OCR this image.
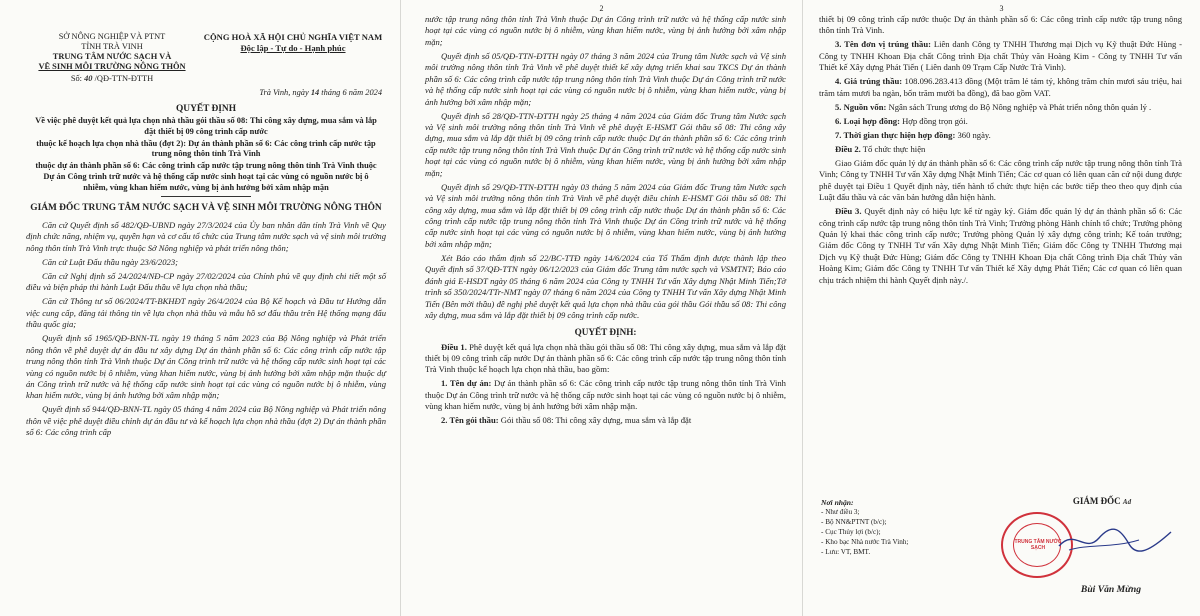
SỞ NÔNG NGHIỆP VÀ PTNT
TỈNH TRÀ VINH
TRUNG TÂM NƯỚC SẠCH VÀ
VỆ SINH MÔI TRƯỜNG NÔNG THÔN
Số: 40 /QĐ-TTN-ĐTTH
CỘNG HOÀ XÃ HỘI CHỦ NGHĨA VIỆT NAM
Độc lập - Tự do - Hạnh phúc
Trà Vinh, ngày 14 tháng 6 năm 2024
QUYẾT ĐỊNH
Về việc phê duyệt kết quả lựa chọn nhà thầu gói thầu số 08: Thi công xây dựng, mua sắm và lắp đặt thiết bị 09 công trình cấp nước
thuộc kế hoạch lựa chọn nhà thầu (đợt 2): Dự án thành phần số 6: Các công trình cấp nước tập trung nông thôn tỉnh Trà Vinh
thuộc dự án thành phần số 6: Các công trình cấp nước tập trung nông thôn tỉnh Trà Vinh thuộc Dự án Công trình trữ nước và hệ thống cấp nước sinh hoạt tại các vùng có nguồn nước bị ô nhiễm, vùng khan hiếm nước, vùng bị ảnh hưởng bởi xâm nhập mặn
GIÁM ĐỐC TRUNG TÂM NƯỚC SẠCH VÀ VỆ SINH MÔI TRƯỜNG NÔNG THÔN

Căn cứ Quyết định số 482/QĐ-UBND ngày 27/3/2024 của Ủy ban nhân dân tỉnh Trà Vinh về Quy định chức năng, nhiệm vụ, quyền hạn và cơ cấu tổ chức của Trung tâm nước sạch và vệ sinh môi trường nông thôn tỉnh Trà Vinh trực thuộc Sở Nông nghiệp và phát triển nông thôn;

Căn cứ Luật Đấu thầu ngày 23/6/2023;

Căn cứ Nghị định số 24/2024/NĐ-CP ngày 27/02/2024 của Chính phủ về quy định chi tiết một số điều và biện pháp thi hành Luật Đấu thầu về lựa chọn nhà thầu;

Căn cứ Thông tư số 06/2024/TT-BKHĐT ngày 26/4/2024 của Bộ Kế hoạch và Đầu tư Hướng dẫn việc cung cấp, đăng tải thông tin về lựa chọn nhà thầu và mẫu hồ sơ đấu thầu trên Hệ thống mạng đấu thầu quốc gia;

Quyết định số 1965/QĐ-BNN-TL ngày 19 tháng 5 năm 2023 của Bộ Nông nghiệp và Phát triển nông thôn về phê duyệt dự án đầu tư xây dựng Dự án thành phần số 6: Các công trình cấp nước tập trung nông thôn tỉnh Trà Vinh thuộc Dự án Công trình trữ nước và hệ thống cấp nước sinh hoạt tại các vùng có nguồn nước bị ô nhiễm, vùng khan hiếm nước, vùng bị ảnh hưởng bởi xâm nhập mặn thuộc dự án Công trình trữ nước và hệ thống cấp nước sinh hoạt tại các vùng có nguồn nước bị ô nhiễm, vùng khan hiếm nước, vùng bị ảnh hưởng bởi xâm nhập mặn;

Quyết định số 944/QĐ-BNN-TL ngày 05 tháng 4 năm 2024 của Bộ Nông nghiệp và Phát triển nông thôn về việc phê duyệt điều chỉnh dự án đầu tư và kế hoạch lựa chọn nhà thầu (đợt 2) Dự án thành phần số 6: Các công trình cấp

2

nước tập trung nông thôn tỉnh Trà Vinh thuộc Dự án Công trình trữ nước và hệ thống cấp nước sinh hoạt tại các vùng có nguồn nước bị ô nhiễm, vùng khan hiếm nước, vùng bị ảnh hưởng bởi xâm nhập mặn;

Quyết định số 05/QĐ-TTN-ĐTTH ngày 07 tháng 3 năm 2024 của Trung tâm Nước sạch và Vệ sinh môi trường nông thôn tỉnh Trà Vinh về phê duyệt thiết kế xây dựng triển khai sau TKCS Dự án thành phần số 6: Các công trình cấp nước tập trung nông thôn tỉnh Trà Vinh thuộc Dự án Công trình trữ nước và hệ thống cấp nước sinh hoạt tại các vùng có nguồn nước bị ô nhiễm, vùng khan hiếm nước, vùng bị ảnh hưởng bởi xâm nhập mặn;

Quyết định số 28/QĐ-TTN-ĐTTH ngày 25 tháng 4 năm 2024 của Giám đốc Trung tâm Nước sạch và Vệ sinh môi trường nông thôn tỉnh Trà Vinh về phê duyệt E-HSMT Gói thầu số 08: Thi công xây dựng, mua sắm và lắp đặt thiết bị 09 công trình cấp nước thuộc Dự án thành phần số 6: Các công trình cấp nước tập trung nông thôn tỉnh Trà Vinh thuộc Dự án Công trình trữ nước và hệ thống cấp nước sinh hoạt tại các vùng có nguồn nước bị ô nhiễm, vùng khan hiếm nước, vùng bị ảnh hưởng bởi xâm nhập mặn;

Quyết định số 29/QĐ-TTN-ĐTTH ngày 03 tháng 5 năm 2024 của Giám đốc Trung tâm Nước sạch và Vệ sinh môi trường nông thôn tỉnh Trà Vinh về phê duyệt điều chỉnh E-HSMT Gói thầu số 08: Thi công xây dựng, mua sắm và lắp đặt thiết bị 09 công trình cấp nước thuộc Dự án thành phần số 6: Các công trình cấp nước tập trung nông thôn tỉnh Trà Vinh thuộc Dự án Công trình trữ nước và hệ thống cấp nước sinh hoạt tại các vùng có nguồn nước bị ô nhiễm, vùng khan hiếm nước, vùng bị ảnh hưởng bởi xâm nhập mặn;

Xét Báo cáo thẩm định số 22/BC-TTĐ ngày 14/6/2024 của Tổ Thẩm định được thành lập theo Quyết định số 37/QĐ-TTN ngày 06/12/2023 của Giám đốc Trung tâm nước sạch và VSMTNT; Báo cáo đánh giá E-HSDT ngày 05 tháng 6 năm 2024 của Công ty TNHH Tư vấn Xây dựng Nhật Minh Tiến;Tờ trình số 350/2024/TTr-NMT ngày 07 tháng 6 năm 2024 của Công ty TNHH Tư vấn Xây dựng Nhật Minh Tiến (Bên mời thầu) đề nghị phê duyệt kết quả lựa chọn nhà thầu của gói thầu Gói thầu số 08: Thi công xây dựng, mua sắm và lắp đặt thiết bị 09 công trình cấp nước.

QUYẾT ĐỊNH:

Điều 1. Phê duyệt kết quả lựa chọn nhà thầu gói thầu số 08: Thi công xây dựng, mua sắm và lắp đặt thiết bị 09 công trình cấp nước Dự án thành phần số 6: Các công trình cấp nước tập trung nông thôn tỉnh Trà Vinh thuộc kế hoạch lựa chọn nhà thầu, bao gồm:

1. Tên dự án: Dự án thành phần số 6: Các công trình cấp nước tập trung nông thôn tỉnh Trà Vinh thuộc Dự án Công trình trữ nước và hệ thống cấp nước sinh hoạt tại các vùng có nguồn nước bị ô nhiễm, vùng khan hiếm nước, vùng bị ảnh hưởng bởi xâm nhập mặn.

2. Tên gói thầu: Gói thầu số 08: Thi công xây dựng, mua sắm và lắp đặt

3

thiết bị 09 công trình cấp nước thuộc Dự án thành phần số 6: Các công trình cấp nước tập trung nông thôn tỉnh Trà Vinh.

3. Tên đơn vị trúng thầu: Liên danh Công ty TNHH Thương mại Dịch vụ Kỹ thuật Đức Hùng - Công ty TNHH Khoan Địa chất Công trình Địa chất Thủy văn Hoàng Kim - Công ty TNHH Tư vấn Thiết kế Xây dựng Phát Tiến ( Liên danh 09 Trạm Cấp Nước Trà Vinh).

4. Giá trúng thầu: 108.096.283.413 đồng (Một trăm lẻ tám tỷ, không trăm chín mươi sáu triệu, hai trăm tám mươi ba ngàn, bốn trăm mười ba đồng), đã bao gồm VAT.

5. Nguồn vốn: Ngân sách Trung ương do Bộ Nông nghiệp và Phát triển nông thôn quản lý .

6. Loại hợp đồng: Hợp đồng trọn gói.

7. Thời gian thực hiện hợp đồng: 360 ngày.

Điều 2. Tổ chức thực hiện

Giao Giám đốc quản lý dự án thành phần số 6: Các công trình cấp nước tập trung nông thôn tỉnh Trà Vinh; Công ty TNHH Tư vấn Xây dựng Nhật Minh Tiến; Các cơ quan có liên quan căn cứ nội dung được phê duyệt tại Điều 1 Quyết định này, tiến hành tổ chức thực hiện các bước tiếp theo theo quy định của Luật đấu thầu và các văn bản hướng dẫn hiện hành.

Điều 3. Quyết định này có hiệu lực kể từ ngày ký. Giám đốc quản lý dự án thành phần số 6: Các công trình cấp nước tập trung nông thôn tỉnh Trà Vinh; Trưởng phòng Hành chính tổ chức; Trưởng phòng Quản lý khai thác công trình cấp nước; Trưởng phòng Quản lý xây dựng công trình; Kế toán trưởng; Giám đốc Công ty TNHH Tư vấn Xây dựng Nhật Minh Tiến; Giám đốc Công ty TNHH Thương mại Dịch vụ Kỹ thuật Đức Hùng; Giám đốc Công ty TNHH Khoan Địa chất Công trình Địa chất Thủy văn Hoàng Kim; Giám đốc Công ty TNHH Tư vấn Thiết kế Xây dựng Phát Tiến; Các cơ quan có liên quan chịu trách nhiệm thi hành Quyết định này./.

Nơi nhận:
- Như điều 3;
- Bộ NN&PTNT (b/c);
- Cục Thủy lợi (b/c);
- Kho bạc Nhà nước Trà Vinh;
- Lưu: VT, BMT.
GIÁM ĐỐC Ad
TRUNG TÂM NƯỚC SẠCH
Bùi Văn Mừng
